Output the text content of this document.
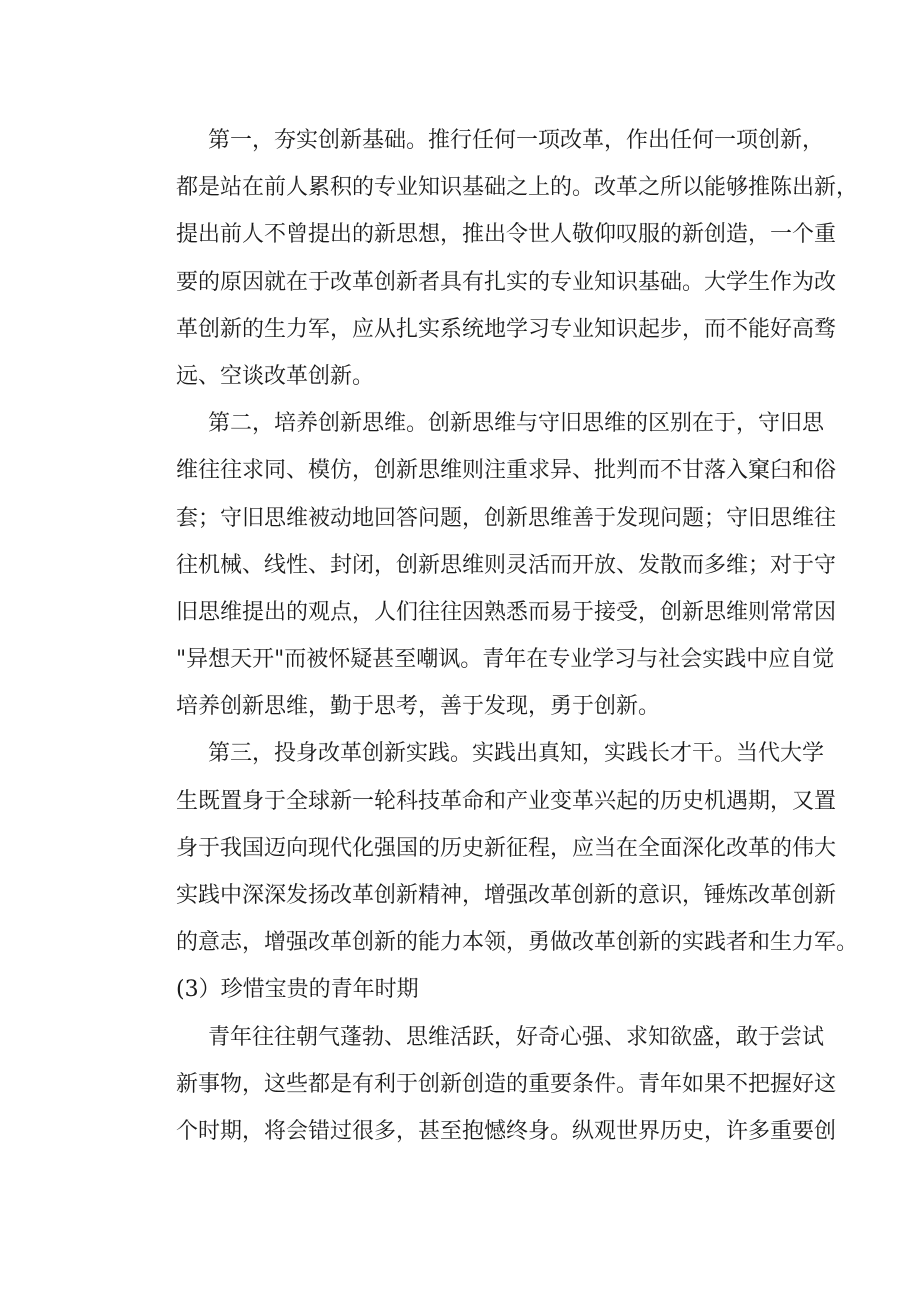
第一，夯实创新基础。推行任何一项改革，作出任何一项创新，
都是站在前人累积的专业知识基础之上的。改革之所以能够推陈出新，
提出前人不曾提出的新思想，推出令世人敬仰叹服的新创造，一个重
要的原因就在于改革创新者具有扎实的专业知识基础。大学生作为改
革创新的生力军，应从扎实系统地学习专业知识起步，而不能好高骛
远、空谈改革创新。
第二，培养创新思维。创新思维与守旧思维的区别在于，守旧思
维往往求同、模仿，创新思维则注重求异、批判而不甘落入窠臼和俗
套；守旧思维被动地回答问题，创新思维善于发现问题；守旧思维往
往机械、线性、封闭，创新思维则灵活而开放、发散而多维；对于守
旧思维提出的观点，人们往往因熟悉而易于接受，创新思维则常常因
"异想天开"而被怀疑甚至嘲讽。青年在专业学习与社会实践中应自觉
培养创新思维，勤于思考，善于发现，勇于创新。
第三，投身改革创新实践。实践出真知，实践长才干。当代大学
生既置身于全球新一轮科技革命和产业变革兴起的历史机遇期，又置
身于我国迈向现代化强国的历史新征程，应当在全面深化改革的伟大
实践中深深发扬改革创新精神，增强改革创新的意识，锤炼改革创新
的意志，增强改革创新的能力本领，勇做改革创新的实践者和生力军。
(3）珍惜宝贵的青年时期
青年往往朝气蓬勃、思维活跃，好奇心强、求知欲盛，敢于尝试
新事物，这些都是有利于创新创造的重要条件。青年如果不把握好这
个时期，将会错过很多，甚至抱憾终身。纵观世界历史，许多重要创
